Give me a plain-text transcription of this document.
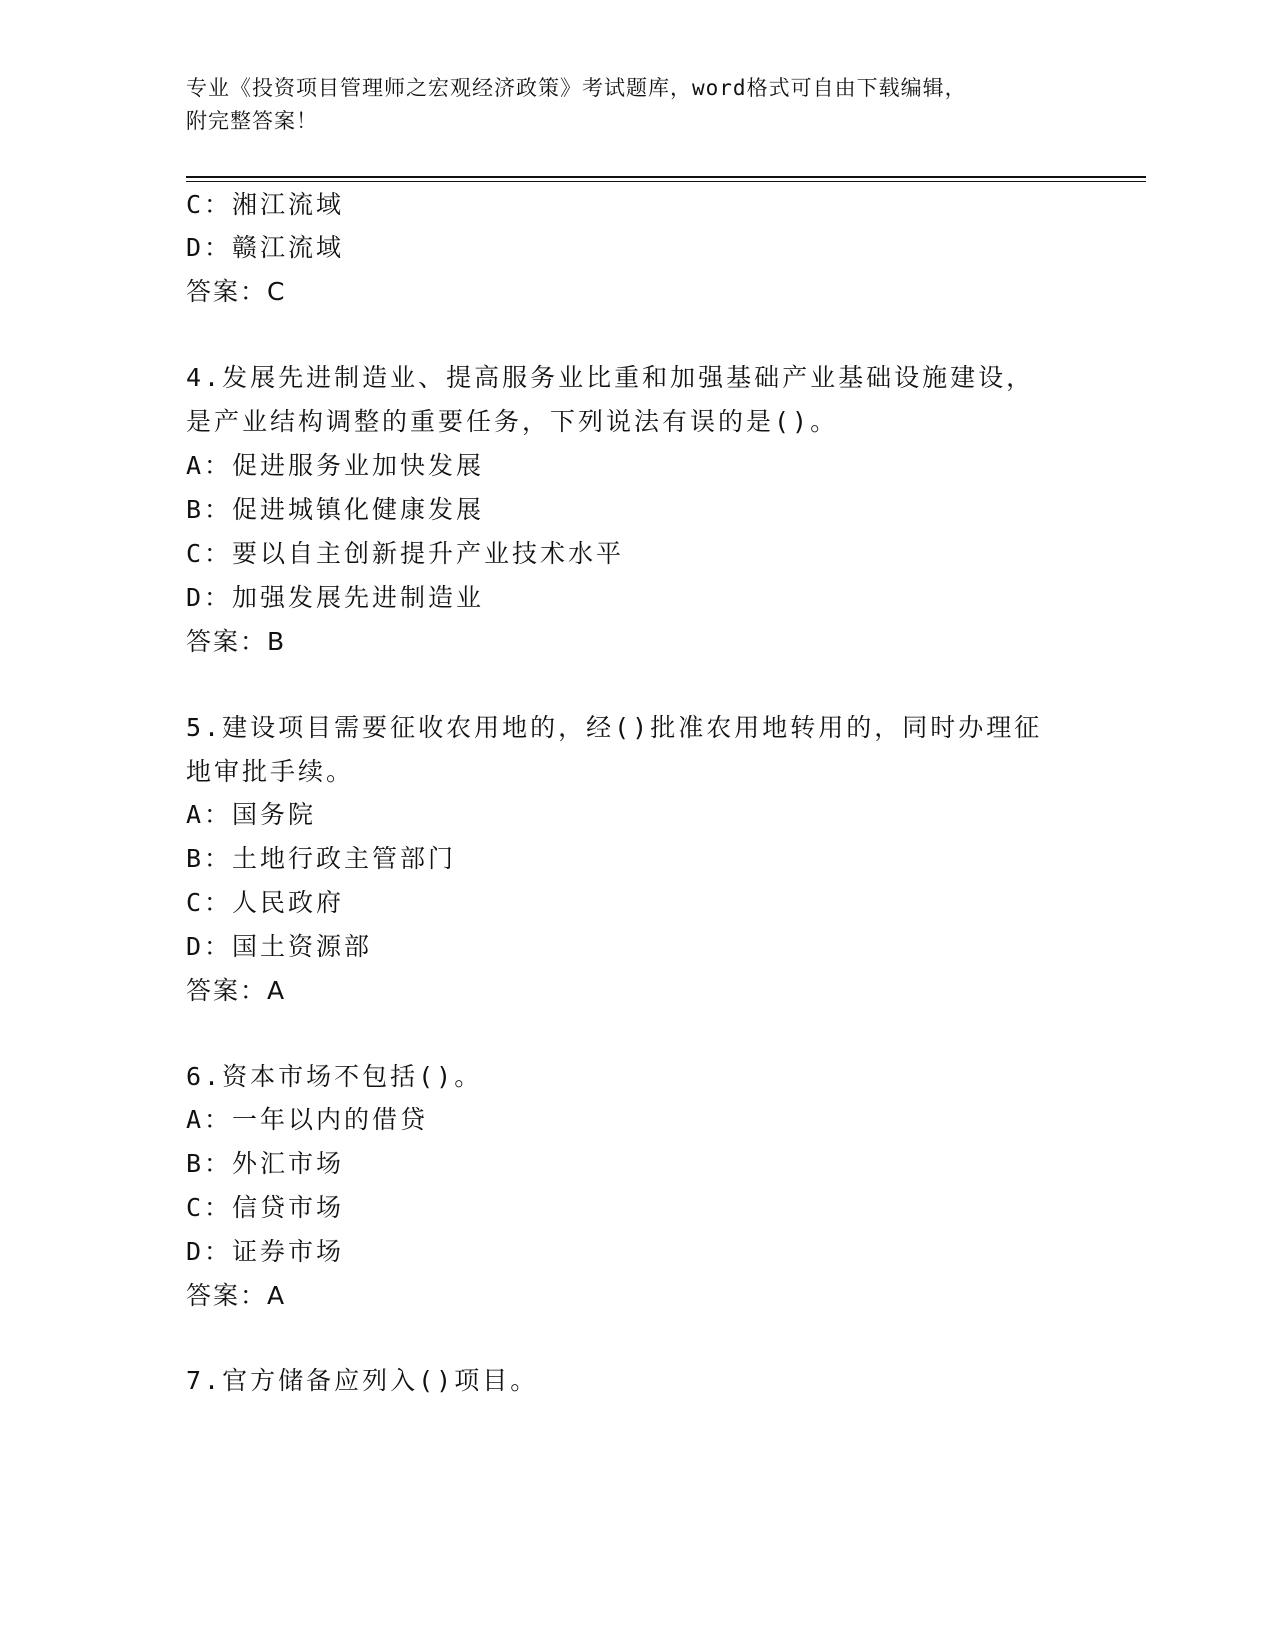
专业《投资项目管理师之宏观经济政策》考试题库，word格式可自由下载编辑，
附完整答案！
C：湘江流域
D：赣江流域
答案：C
4.发展先进制造业、提高服务业比重和加强基础产业基础设施建设，
是产业结构调整的重要任务，下列说法有误的是()。
A：促进服务业加快发展
B：促进城镇化健康发展
C：要以自主创新提升产业技术水平
D：加强发展先进制造业
答案：B
5.建设项目需要征收农用地的，经()批准农用地转用的，同时办理征
地审批手续。
A：国务院
B：土地行政主管部门
C：人民政府
D：国土资源部
答案：A
6.资本市场不包括()。
A：一年以内的借贷
B：外汇市场
C：信贷市场
D：证券市场
答案：A
7.官方储备应列入()项目。
